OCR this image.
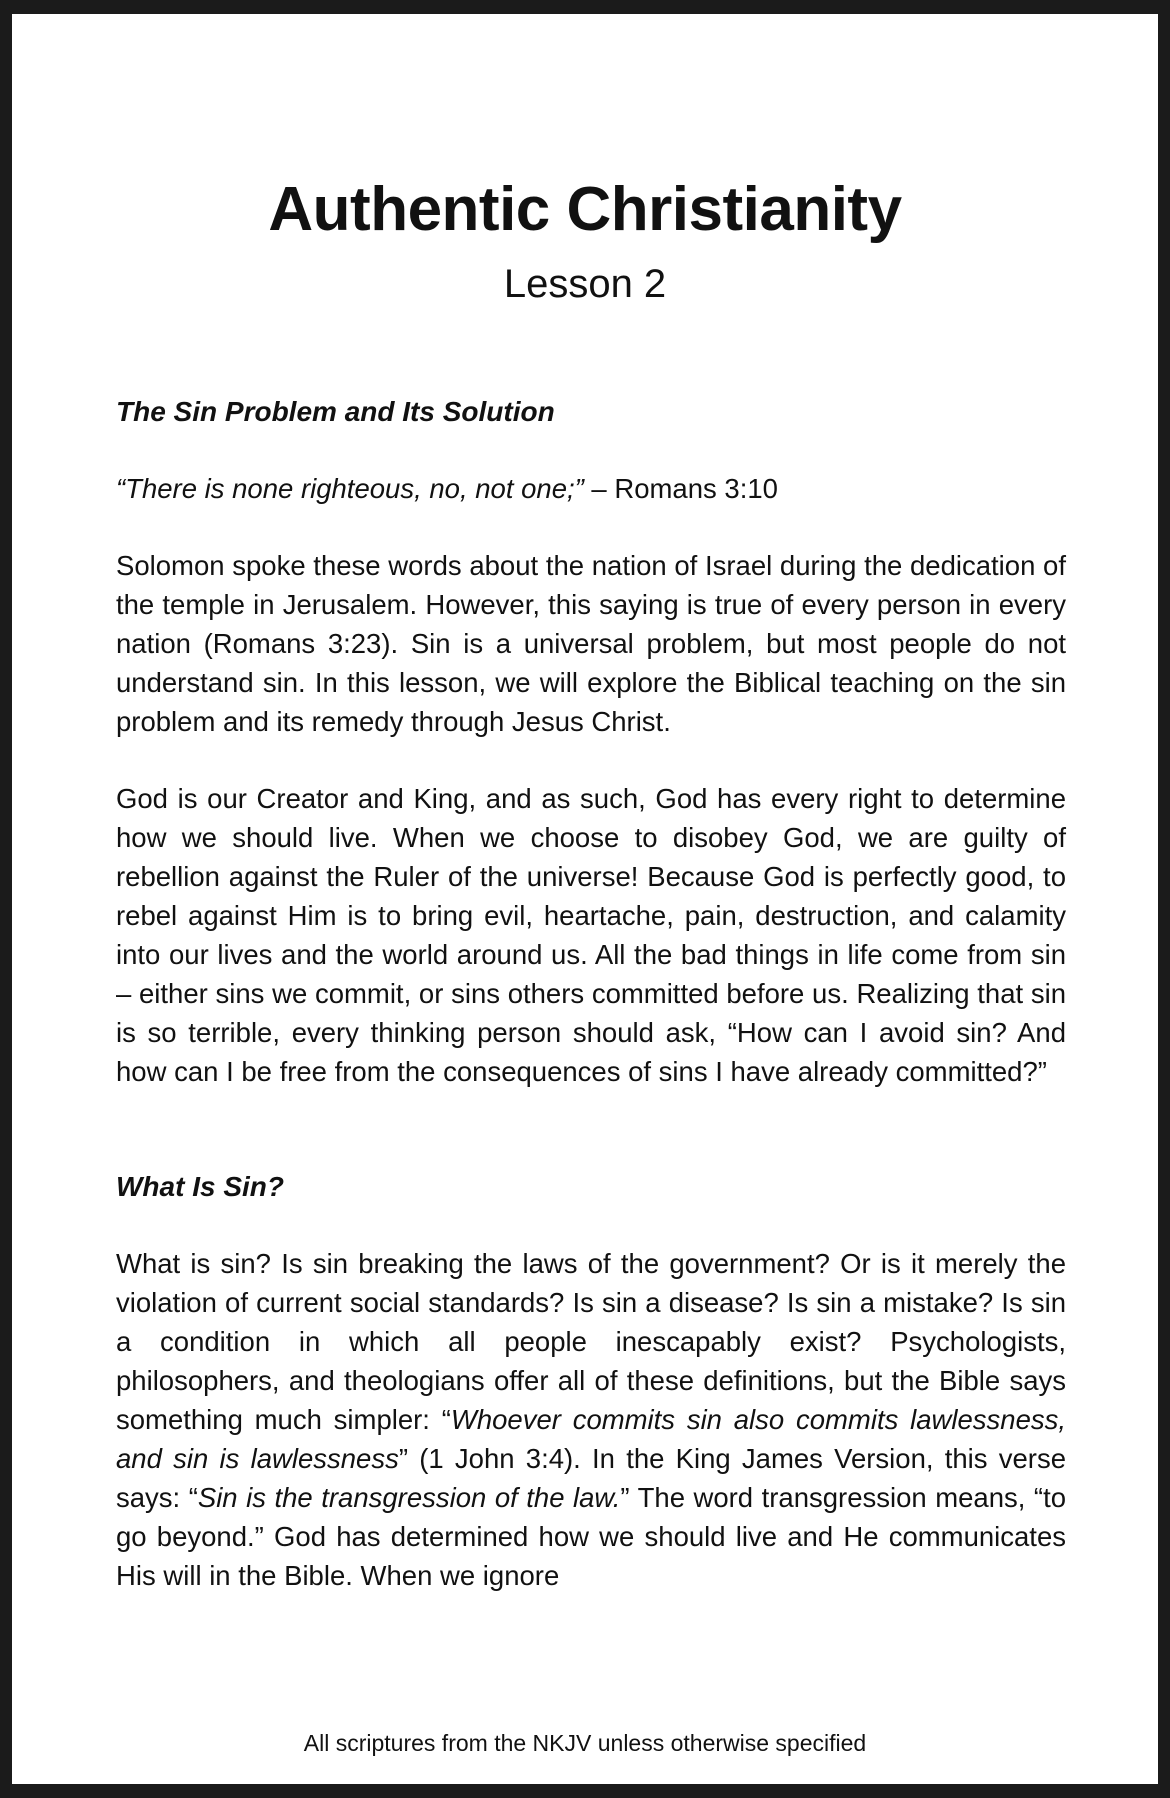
Authentic Christianity
Lesson 2

The Sin Problem and Its Solution

“There is none righteous, no, not one;” – Romans 3:10

Solomon spoke these words about the nation of Israel during the dedication of the temple in Jerusalem. However, this saying is true of every person in every nation (Romans 3:23). Sin is a universal problem, but most people do not understand sin. In this lesson, we will explore the Biblical teaching on the sin problem and its remedy through Jesus Christ.

God is our Creator and King, and as such, God has every right to determine how we should live. When we choose to disobey God, we are guilty of rebellion against the Ruler of the universe! Because God is perfectly good, to rebel against Him is to bring evil, heartache, pain, destruction, and calamity into our lives and the world around us. All the bad things in life come from sin – either sins we commit, or sins others committed before us. Realizing that sin is so terrible, every thinking person should ask, “How can I avoid sin? And how can I be free from the consequences of sins I have already committed?”

What Is Sin?

What is sin? Is sin breaking the laws of the government? Or is it merely the violation of current social standards? Is sin a disease? Is sin a mistake? Is sin a condition in which all people inescapably exist? Psychologists, philosophers, and theologians offer all of these definitions, but the Bible says something much simpler: “Whoever commits sin also commits lawlessness, and sin is lawlessness” (1 John 3:4). In the King James Version, this verse says: “Sin is the transgression of the law.” The word transgression means, “to go beyond.” God has determined how we should live and He communicates His will in the Bible. When we ignore

All scriptures from the NKJV unless otherwise specified
